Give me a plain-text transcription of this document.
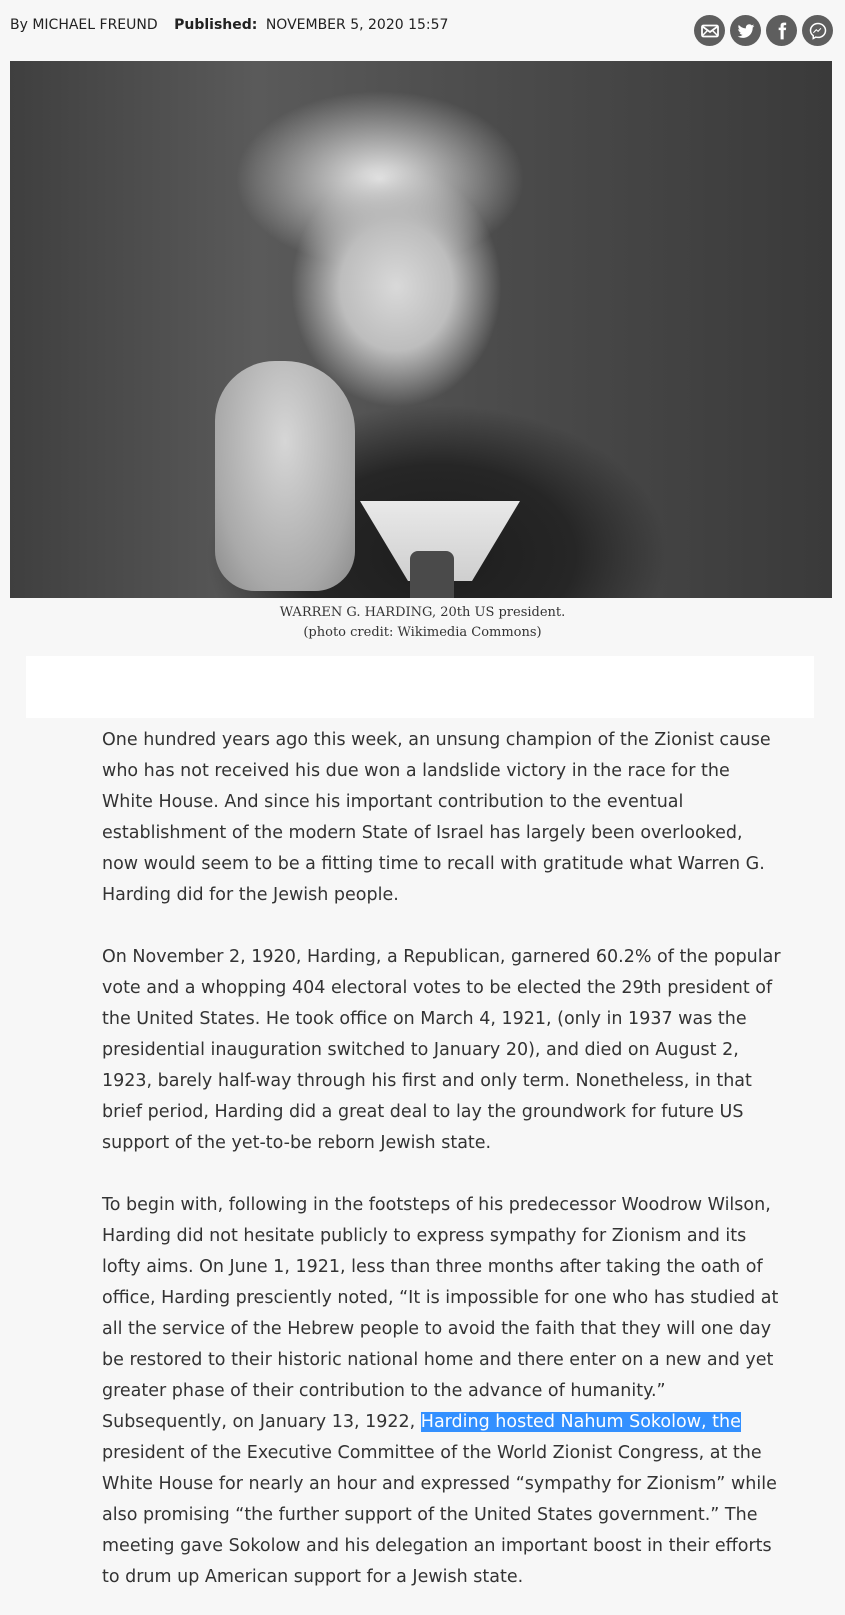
By MICHAEL FREUND Published: NOVEMBER 5, 2020 15:57
WARREN G. HARDING, 20th US president.
(photo credit: Wikimedia Commons)

One hundred years ago this week, an unsung champion of the Zionist cause who has not received his due won a landslide victory in the race for the White House. And since his important contribution to the eventual establishment of the modern State of Israel has largely been overlooked, now would seem to be a fitting time to recall with gratitude what Warren G. Harding did for the Jewish people.

On November 2, 1920, Harding, a Republican, garnered 60.2% of the popular vote and a whopping 404 electoral votes to be elected the 29th president of the United States. He took office on March 4, 1921, (only in 1937 was the presidential inauguration switched to January 20), and died on August 2, 1923, barely half-way through his first and only term. Nonetheless, in that brief period, Harding did a great deal to lay the groundwork for future US support of the yet-to-be reborn Jewish state.

To begin with, following in the footsteps of his predecessor Woodrow Wilson, Harding did not hesitate publicly to express sympathy for Zionism and its lofty aims. On June 1, 1921, less than three months after taking the oath of office, Harding presciently noted, “It is impossible for one who has studied at all the service of the Hebrew people to avoid the faith that they will one day be restored to their historic national home and there enter on a new and yet greater phase of their contribution to the advance of humanity.” Subsequently, on January 13, 1922, Harding hosted Nahum Sokolow, the president of the Executive Committee of the World Zionist Congress, at the White House for nearly an hour and expressed “sympathy for Zionism” while also promising “the further support of the United States government.” The meeting gave Sokolow and his delegation an important boost in their efforts to drum up American support for a Jewish state.
